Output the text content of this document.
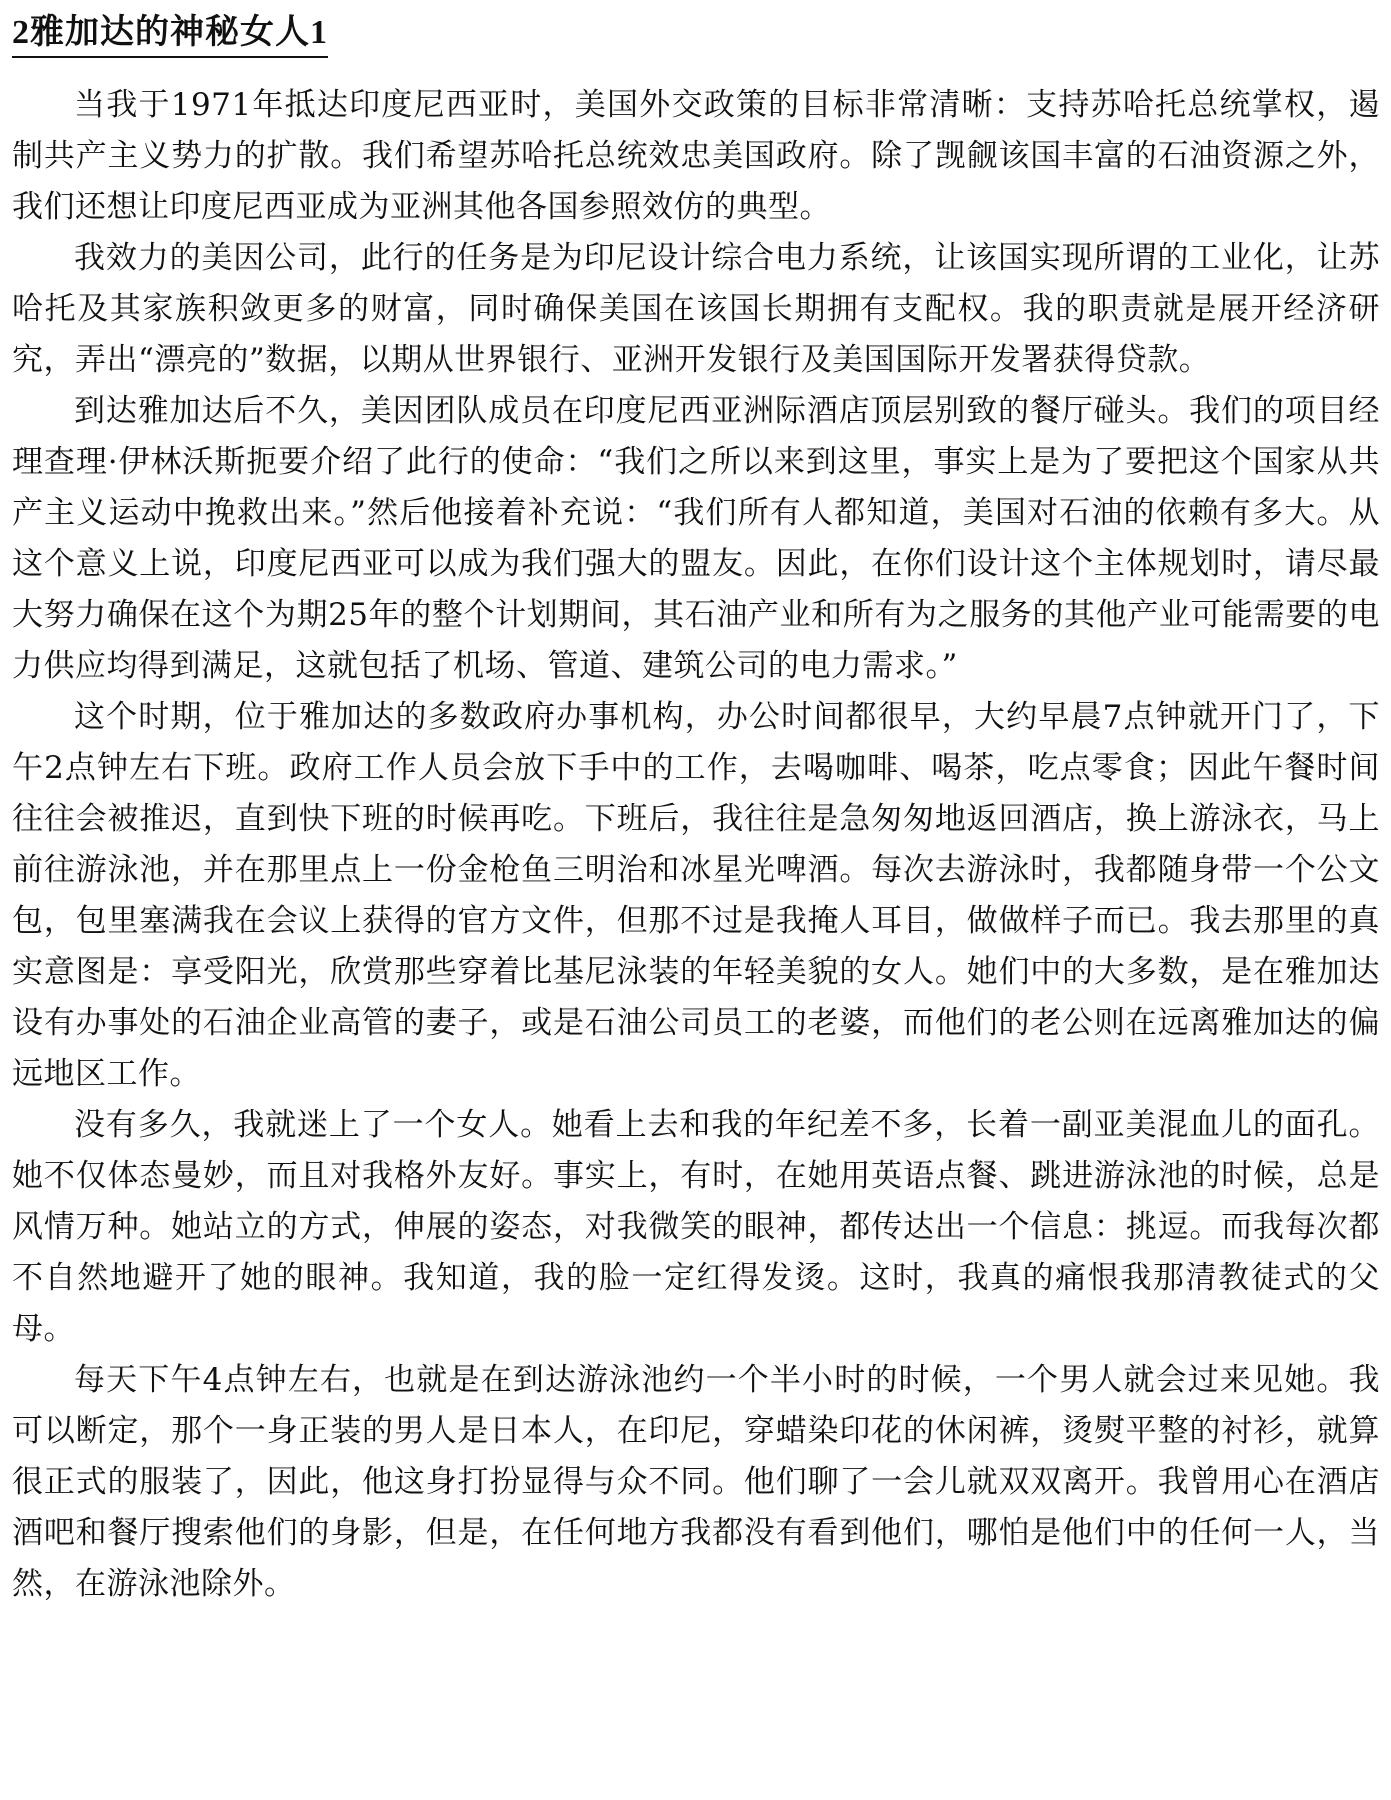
2雅加达的神秘女人1

当我于1971年抵达印度尼西亚时，美国外交政策的目标非常清晰：支持苏哈托总统掌权，遏制共产主义势力的扩散。我们希望苏哈托总统效忠美国政府。除了觊觎该国丰富的石油资源之外，我们还想让印度尼西亚成为亚洲其他各国参照效仿的典型。

我效力的美因公司，此行的任务是为印尼设计综合电力系统，让该国实现所谓的工业化，让苏哈托及其家族积敛更多的财富，同时确保美国在该国长期拥有支配权。我的职责就是展开经济研究，弄出“漂亮的”数据，以期从世界银行、亚洲开发银行及美国国际开发署获得贷款。

到达雅加达后不久，美因团队成员在印度尼西亚洲际酒店顶层别致的餐厅碰头。我们的项目经理查理·伊林沃斯扼要介绍了此行的使命：“我们之所以来到这里，事实上是为了要把这个国家从共产主义运动中挽救出来。”然后他接着补充说：“我们所有人都知道，美国对石油的依赖有多大。从这个意义上说，印度尼西亚可以成为我们强大的盟友。因此，在你们设计这个主体规划时，请尽最大努力确保在这个为期25年的整个计划期间，其石油产业和所有为之服务的其他产业可能需要的电力供应均得到满足，这就包括了机场、管道、建筑公司的电力需求。”

这个时期，位于雅加达的多数政府办事机构，办公时间都很早，大约早晨7点钟就开门了，下午2点钟左右下班。政府工作人员会放下手中的工作，去喝咖啡、喝茶，吃点零食；因此午餐时间往往会被推迟，直到快下班的时候再吃。下班后，我往往是急匆匆地返回酒店，换上游泳衣，马上前往游泳池，并在那里点上一份金枪鱼三明治和冰星光啤酒。每次去游泳时，我都随身带一个公文包，包里塞满我在会议上获得的官方文件，但那不过是我掩人耳目，做做样子而已。我去那里的真实意图是：享受阳光，欣赏那些穿着比基尼泳装的年轻美貌的女人。她们中的大多数，是在雅加达设有办事处的石油企业高管的妻子，或是石油公司员工的老婆，而他们的老公则在远离雅加达的偏远地区工作。

没有多久，我就迷上了一个女人。她看上去和我的年纪差不多，长着一副亚美混血儿的面孔。她不仅体态曼妙，而且对我格外友好。事实上，有时，在她用英语点餐、跳进游泳池的时候，总是风情万种。她站立的方式，伸展的姿态，对我微笑的眼神，都传达出一个信息：挑逗。而我每次都不自然地避开了她的眼神。我知道，我的脸一定红得发烫。这时，我真的痛恨我那清教徒式的父母。

每天下午4点钟左右，也就是在到达游泳池约一个半小时的时候，一个男人就会过来见她。我可以断定，那个一身正装的男人是日本人，在印尼，穿蜡染印花的休闲裤，烫熨平整的衬衫，就算很正式的服装了，因此，他这身打扮显得与众不同。他们聊了一会儿就双双离开。我曾用心在酒店酒吧和餐厅搜索他们的身影，但是，在任何地方我都没有看到他们，哪怕是他们中的任何一人，当然，在游泳池除外。
